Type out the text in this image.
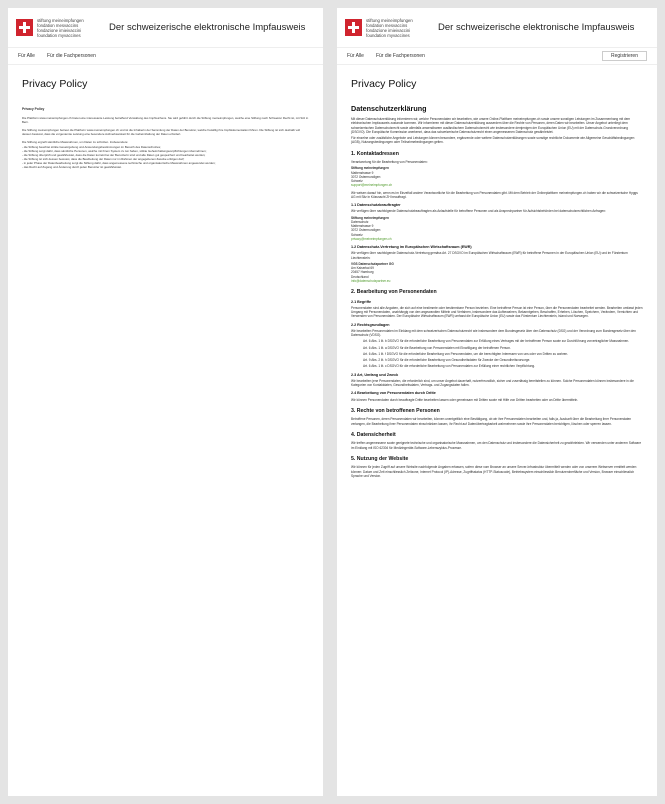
stiftung meineimpfungen
fondation mesvaccins
fondazione imieivaccini
foundation myvaccines
Der schweizerische elektronische Impfausweis
Für Alle Für die Fachpersonen
Privacy Policy
Privacy Policy

Die Plattform www.meineimpfungen.ch bietet eine interessante Leistung betreffend Verwaltung des Impfzeichens. Sie wird geführt durch die Stiftung meineimpfungen, welche eine Stiftung nach Schweizer Recht ist, mit Sitz in Bern.

Die Stiftung meineimpfungen betreut die Plattform www.meineimpfungen.ch und ist die Inhaberin der Sammlung der Daten der Benutzer, welche freiwillig ihre Impfdokumentation führen. Die Stiftung ist sich deshalb voll dessen bewusst, dass die vorgenannte Leistung eine besondere Aufmerksamkeit für die Geheimhaltung der Daten erfordert.

Die Stiftung ergreift sämtliche Massnahmen, um Daten zu schützen. Insbesondere:

- die Stiftung beachtet strikte Gesetzgebung und Anwendungsbestimmungen im Bereich des Datenschutzes;
- die Stiftung sorgt dafür, dass sämtliche Personen, welche mit ihrem System zu tun haben, strikte Geheimhaltungsverpflichtungen übernehmen;
- die Stiftung überprüft und gewährleistet, dass die Daten korrekt bei der Benutzerin sind und alle Daten gut gespeichert und bearbeitet werden;
- die Stiftung ist sich dessen bewusst, dass die Bearbeitung der Daten nur im Rahmen der angegebenen Zwecke erfolgen darf;
- in jeder Phase der Datenbearbeitung sorgt die Stiftung dafür, dass angemessene technische und organisatorische Massnahmen angewendet werden;
- das Recht auf Zugang und Änderung durch jeden Benutzer ist gewährleistet.
stiftung meineimpfungen
fondation mesvaccins
fondazione imieivaccini
foundation myvaccines
Der schweizerische elektronische Impfausweis
Für Alle Für die Fachpersonen	Registrieren
Privacy Policy
Datenschutzerklärung

Mit dieser Datenschutzerklärung informieren wir, welche Personendaten wir bearbeiten, wie unsere Online-Plattform meineimpfungen.ch sowie unsere sonstigen Leistungen im Zusammenhang mit dem elektronischen Impfausweis zustande kommen. Wir informieren mit dieser Datenschutzerklärung ausserdem über die Rechte von Personen, deren Daten wir bearbeiten. Unser Angebot unterliegt dem schweizerischen Datenschutzrecht sowie allenfalls anwendbarem ausländischem Datenschutzrecht wie insbesondere demjenigen der Europäischen Union (EU) mit der Datenschutz-Grundverordnung (DSGVO). Die Europäische Kommission anerkennt, dass das schweizerische Datenschutzrecht einen angemessenen Datenschutz gewährleistet.

Für einzelne oder zusätzliche Angebote und Leistungen können besondere, ergänzende oder weitere Datenschutzerklärungen sowie sonstige rechtliche Dokumente wie Allgemeine Geschäftsbedingungen (AGB), Nutzungsbedingungen oder Teilnahmebedingungen gelten.

1. Kontaktadressen

Verantwortung für die Bearbeitung von Personendaten:

Stiftung meineimpfungen
Mattenstrasse 9
3072 Ostermundigen
Schweiz
support@meineimpfungen.ch

Wir weisen darauf hin, wenn es im Einzelfall andere Verantwortliche für die Bearbeitung von Personendaten gibt. Mit dem Betrieb der Onlineplattform meineimpfungen.ch haben wir die schweizerische Hyggs AG mit Sitz in Küssnacht ZH beauftragt.

1.1 Datenschutzbeauftragter

Wir verfügen über nachfolgende Datenschutzbeauftragten als Anlaufstelle für betroffene Personen und als Ansprechpartner für Aufsichtsbehörden bei datenschutzrechtlichen Anfragen:

Stiftung meineimpfungen
Datenschutz
Mattenstrasse 9
3072 Ostermundigen
Schweiz
privacy@meineimpfungen.ch
1.2 Datenschutz-Vertretung im Europäischen Wirtschaftsraum (EWR)

Wir verfügen über nachfolgende Datenschutz-Vertretung gemäss Art. 27 DSGVO im Europäischen Wirtschaftsraum (EWR) für betroffene Personen in der Europäischen Union (EU) und im Fürstentum Liechtenstein:

VGS Datenschutzpartner GG
Am Kaiserkai 69
20457 Hamburg
Deutschland
info@datenschutzpartner.eu
2. Bearbeitung von Personendaten
2.1 Begriffe

Personendaten sind alle Angaben, die sich auf eine bestimmte oder bestimmbare Person beziehen. Eine betroffene Person ist eine Person, über die Personendaten bearbeitet werden. Bearbeiten umfasst jeden Umgang mit Personendaten, unabhängig von den angewandten Mitteln und Verfahren, insbesondere das Aufbewahren, Bekanntgeben, Beschaffen, Erheben, Löschen, Speichern, Verändern, Vernichten und Verwenden von Personendaten. Der Europäische Wirtschaftsraum (EWR) umfasst die Europäische Union (EU) sowie das Fürstentum Liechtenstein, Island und Norwegen.

2.2 Rechtsgrundlagen

Wir bearbeiten Personendaten im Einklang mit dem schweizerischen Datenschutzrecht wie insbesondere dem Bundesgesetz über den Datenschutz (DSG) und der Verordnung zum Bundesgesetz über den Datenschutz (VDSG).

Art. 6 Abs. 1 lit. b DSGVO für die erforderliche Bearbeitung von Personendaten zur Erfüllung eines Vertrages mit der betroffenen Person sowie zur Durchführung vorvertraglicher Massnahmen.

Art. 6 Abs. 1 lit. a DSGVO für die Bearbeitung von Personendaten mit Einwilligung der betroffenen Person.

Art. 6 Abs. 1 lit. f DSGVO für die erforderliche Bearbeitung von Personendaten, um die berechtigten Interessen von uns oder von Dritten zu wahren.

Art. 9 Abs. 2 lit. h DSGVO für die erforderliche Bearbeitung von Gesundheitsdaten für Zwecke der Gesundheitsvorsorge.

Art. 6 Abs. 1 lit. c DSGVO für die erforderliche Bearbeitung von Personendaten zur Erfüllung einer rechtlichen Verpflichtung.

2.3 Art, Umfang und Zweck

Wir bearbeiten jene Personendaten, die erforderlich sind, um unser Angebot dauerhaft, nutzerfreundlich, sicher und zuverlässig bereitstellen zu können. Solche Personendaten können insbesondere in die Kategorien von Kontaktdaten, Gesundheitsdaten, Vertrags- und Zugangsdaten fallen.

2.4 Bearbeitung von Personendaten durch Dritte

Wir können Personendaten durch beauftragte Dritte bearbeiten lassen oder gemeinsam mit Dritten sowie mit Hilfe von Dritten bearbeiten oder an Dritte übermitteln.

3. Rechte von betroffenen Personen

Betroffene Personen, deren Personendaten wir bearbeiten, können unentgeltlich eine Bestätigung, ob wir ihre Personendaten bearbeiten und, falls ja, Auskunft über die Bearbeitung ihrer Personendaten verlangen, die Bearbeitung ihrer Personendaten einschränken lassen, ihr Recht auf Datenübertragbarkeit wahrnehmen sowie ihre Personendaten berichtigen, löschen oder sperren lassen.

4. Datensicherheit

Wir treffen angemessene sowie geeignete technische und organisatorische Massnahmen, um den Datenschutz und insbesondere die Datensicherheit zu gewährleisten. Wir verwenden unter anderem Software im Einklang mit ISO 62304 für Medizingeräte-Software-Lebenszyklus-Prozesse.

5. Nutzung der Website

Wir können für jeden Zugriff auf unsere Website nachfolgende Angaben erfassen, sofern diese vom Browser an unsere Server-Infrastruktur übermittelt werden oder von unserem Webserver ermittelt werden können: Datum und Zeit einschliesslich Zeitzone, Internet Protocol (IP)-Adresse, Zugriffsstatus (HTTP-Statuscode), Betriebssystem einschliesslich Benutzeroberfläche und Version, Browser einschliesslich Sprache und Version.
